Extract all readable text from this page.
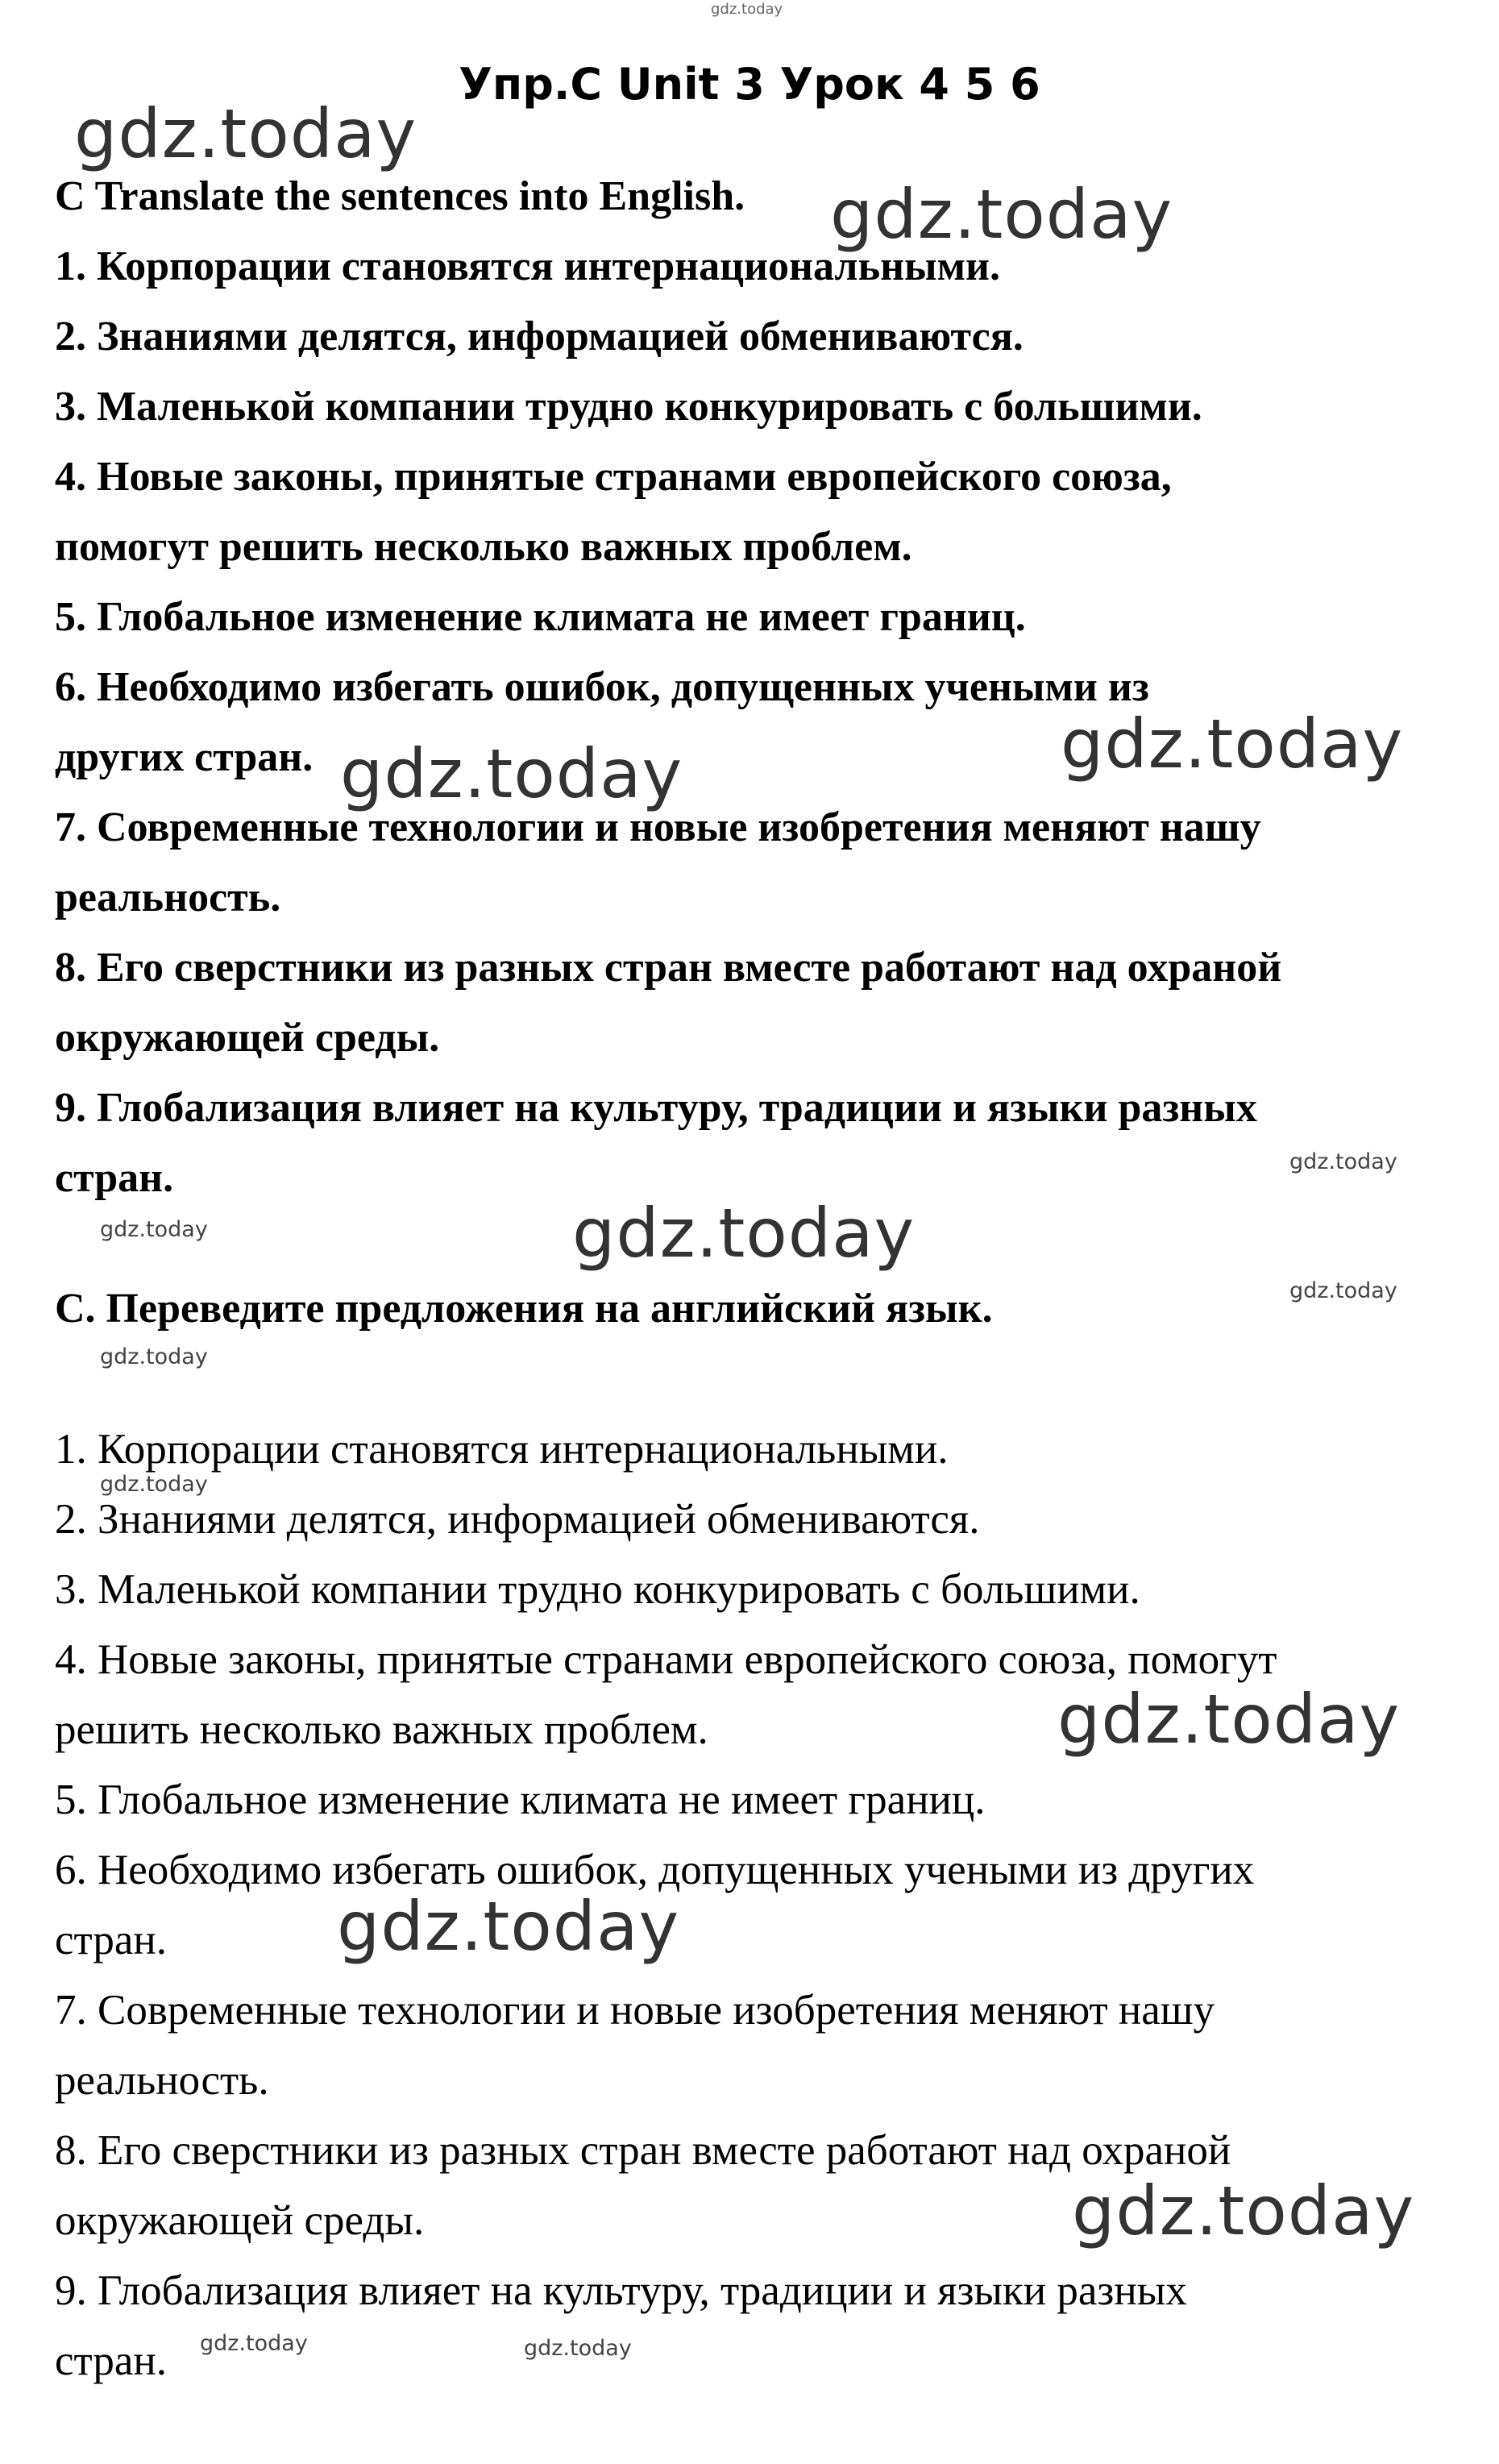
Упр.C Unit 3 Урок 4 5 6
C Translate the sentences into English.
1. Корпорации становятся интернациональными.
2. Знаниями делятся, информацией обмениваются.
3. Маленькой компании трудно конкурировать с большими.
4. Новые законы, принятые странами европейского союза,
помогут решить несколько важных проблем.
5. Глобальное изменение климата не имеет границ.
6. Необходимо избегать ошибок, допущенных учеными из
других стран.
7. Современные технологии и новые изобретения меняют нашу
реальность.
8. Его сверстники из разных стран вместе работают над охраной
окружающей среды.
9. Глобализация влияет на культуру, традиции и языки разных
стран.
C. Переведите предложения на английский язык.
1. Корпорации становятся интернациональными.
2. Знаниями делятся, информацией обмениваются.
3. Маленькой компании трудно конкурировать с большими.
4. Новые законы, принятые странами европейского союза, помогут
решить несколько важных проблем.
5. Глобальное изменение климата не имеет границ.
6. Необходимо избегать ошибок, допущенных учеными из других
стран.
7. Современные технологии и новые изобретения меняют нашу
реальность.
8. Его сверстники из разных стран вместе работают над охраной
окружающей среды.
9. Глобализация влияет на культуру, традиции и языки разных
стран.
gdz.today
gdz.today
gdz.today
gdz.today
gdz.today
gdz.today
gdz.today
gdz.today
gdz.today
gdz.today
gdz.today
gdz.today
gdz.today
gdz.today
gdz.today	gdz.today
